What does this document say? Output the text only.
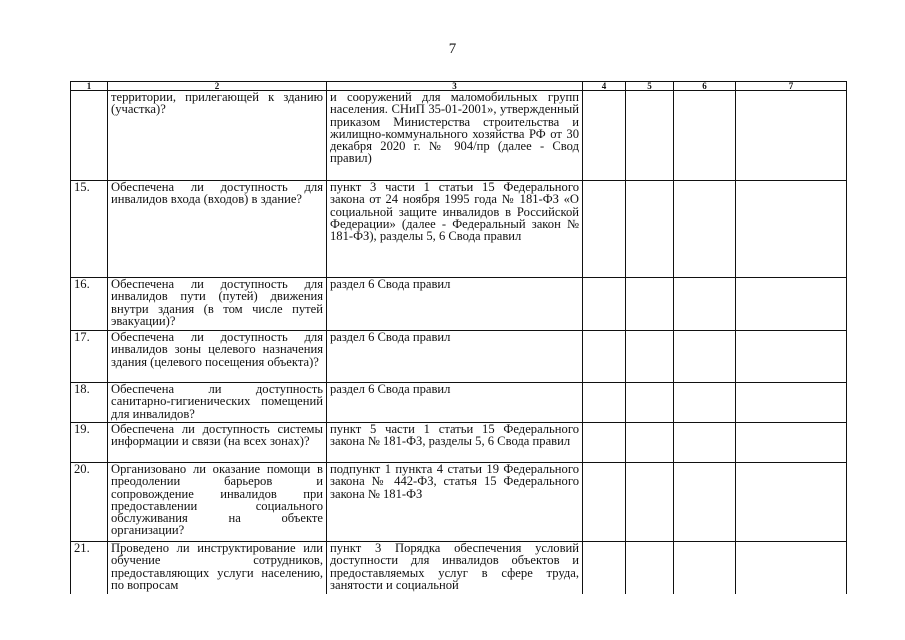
7
1	2	3	4	5	6	7
	территории, прилегающей к зданию (участка)?	и сооружений для маломобильных групп населения. СНиП 35-01-2001», утвержденный приказом Министерства строительства и жилищно-коммунального хозяйства РФ от 30 декабря 2020 г. № 904/пр (далее - Свод правил)				
15.	Обеспечена ли доступность для инвалидов входа (входов) в здание?	пункт 3 части 1 статьи 15 Федерального закона от 24 ноября 1995 года № 181-ФЗ «О социальной защите инвалидов в Российской Федерации» (далее - Федеральный закон № 181-ФЗ), разделы 5, 6 Свода правил				
16.	Обеспечена ли доступность для инвалидов пути (путей) движения внутри здания (в том числе путей эвакуации)?	раздел 6 Свода правил				
17.	Обеспечена ли доступность для инвалидов зоны целевого назначения здания (целевого посещения объекта)?	раздел 6 Свода правил				
18.	Обеспечена ли доступность санитарно-гигиенических помещений для инвалидов?	раздел 6 Свода правил				
19.	Обеспечена ли доступность системы информации и связи (на всех зонах)?	пункт 5 части 1 статьи 15 Федерального закона № 181-ФЗ, разделы 5, 6 Свода правил				
20.	Организовано ли оказание помощи в преодолении барьеров и сопровождение инвалидов при предоставлении социального обслуживания на объекте организации?	подпункт 1 пункта 4 статьи 19 Федерального закона № 442-ФЗ, статья 15 Федерального закона № 181-ФЗ				
21.	Проведено ли инструктирование или обучение сотрудников, предоставляющих услуги населению, по вопросам	пункт 3 Порядка обеспечения условий доступности для инвалидов объектов и предоставляемых услуг в сфере труда, занятости и социальной				
